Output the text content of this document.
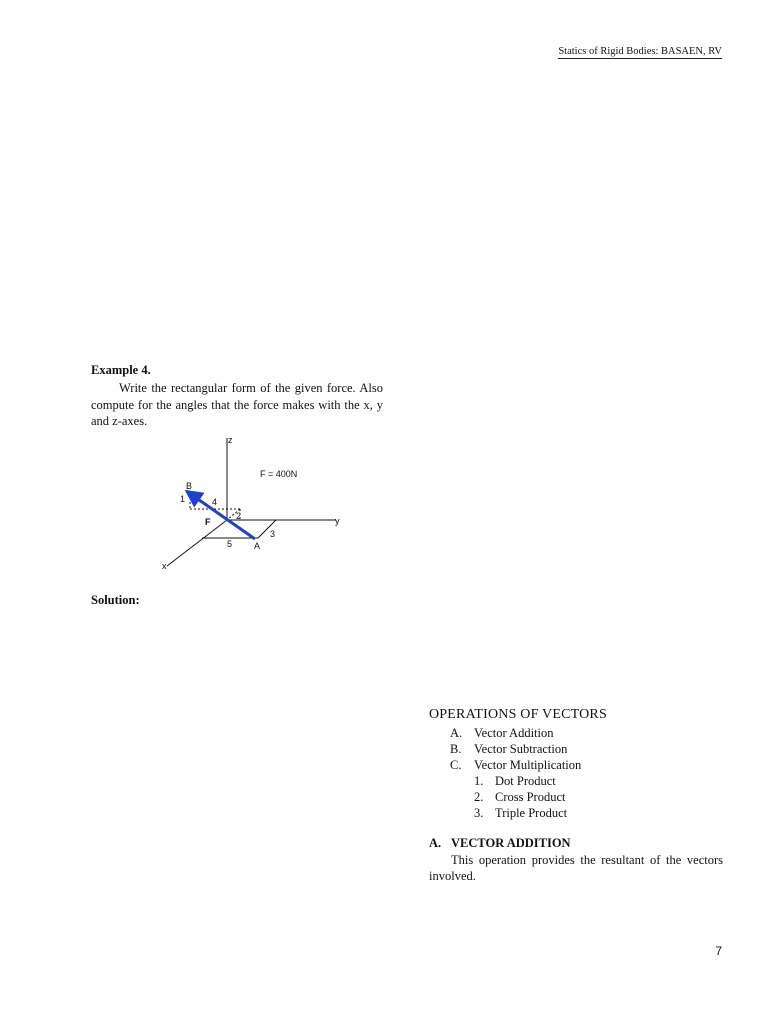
Statics of Rigid Bodies: BASAEN, RV
Example 4.
Write the rectangular form of the given force. Also compute for the angles that the force makes with the x, y and z-axes.
z
y
x
F = 400N
B
A
F
1	4
2
3
5
Solution:
OPERATIONS OF VECTORS
A. Vector Addition
B. Vector Subtraction
C. Vector Multiplication
1. Dot Product
2. Cross Product
3. Triple Product
A. VECTOR ADDITION
This operation provides the resultant of the vectors involved.
7
